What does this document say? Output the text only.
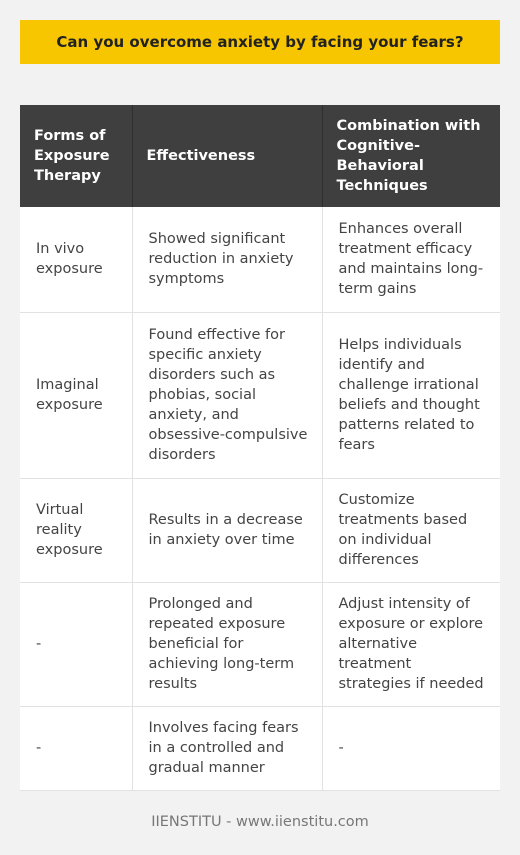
Can you overcome anxiety by facing your fears?
Forms of Exposure Therapy	Effectiveness	Combination with Cognitive-Behavioral Techniques
In vivo exposure	Showed significant reduction in anxiety symptoms	Enhances overall treatment efficacy and maintains long-term gains
Imaginal exposure	Found effective for specific anxiety disorders such as phobias, social anxiety, and obsessive-compulsive disorders	Helps individuals identify and challenge irrational beliefs and thought patterns related to fears
Virtual reality exposure	Results in a decrease in anxiety over time	Customize treatments based on individual differences
-	Prolonged and repeated exposure beneficial for achieving long-term results	Adjust intensity of exposure or explore alternative treatment strategies if needed
-	Involves facing fears in a controlled and gradual manner	-
IIENSTITU - www.iienstitu.com
